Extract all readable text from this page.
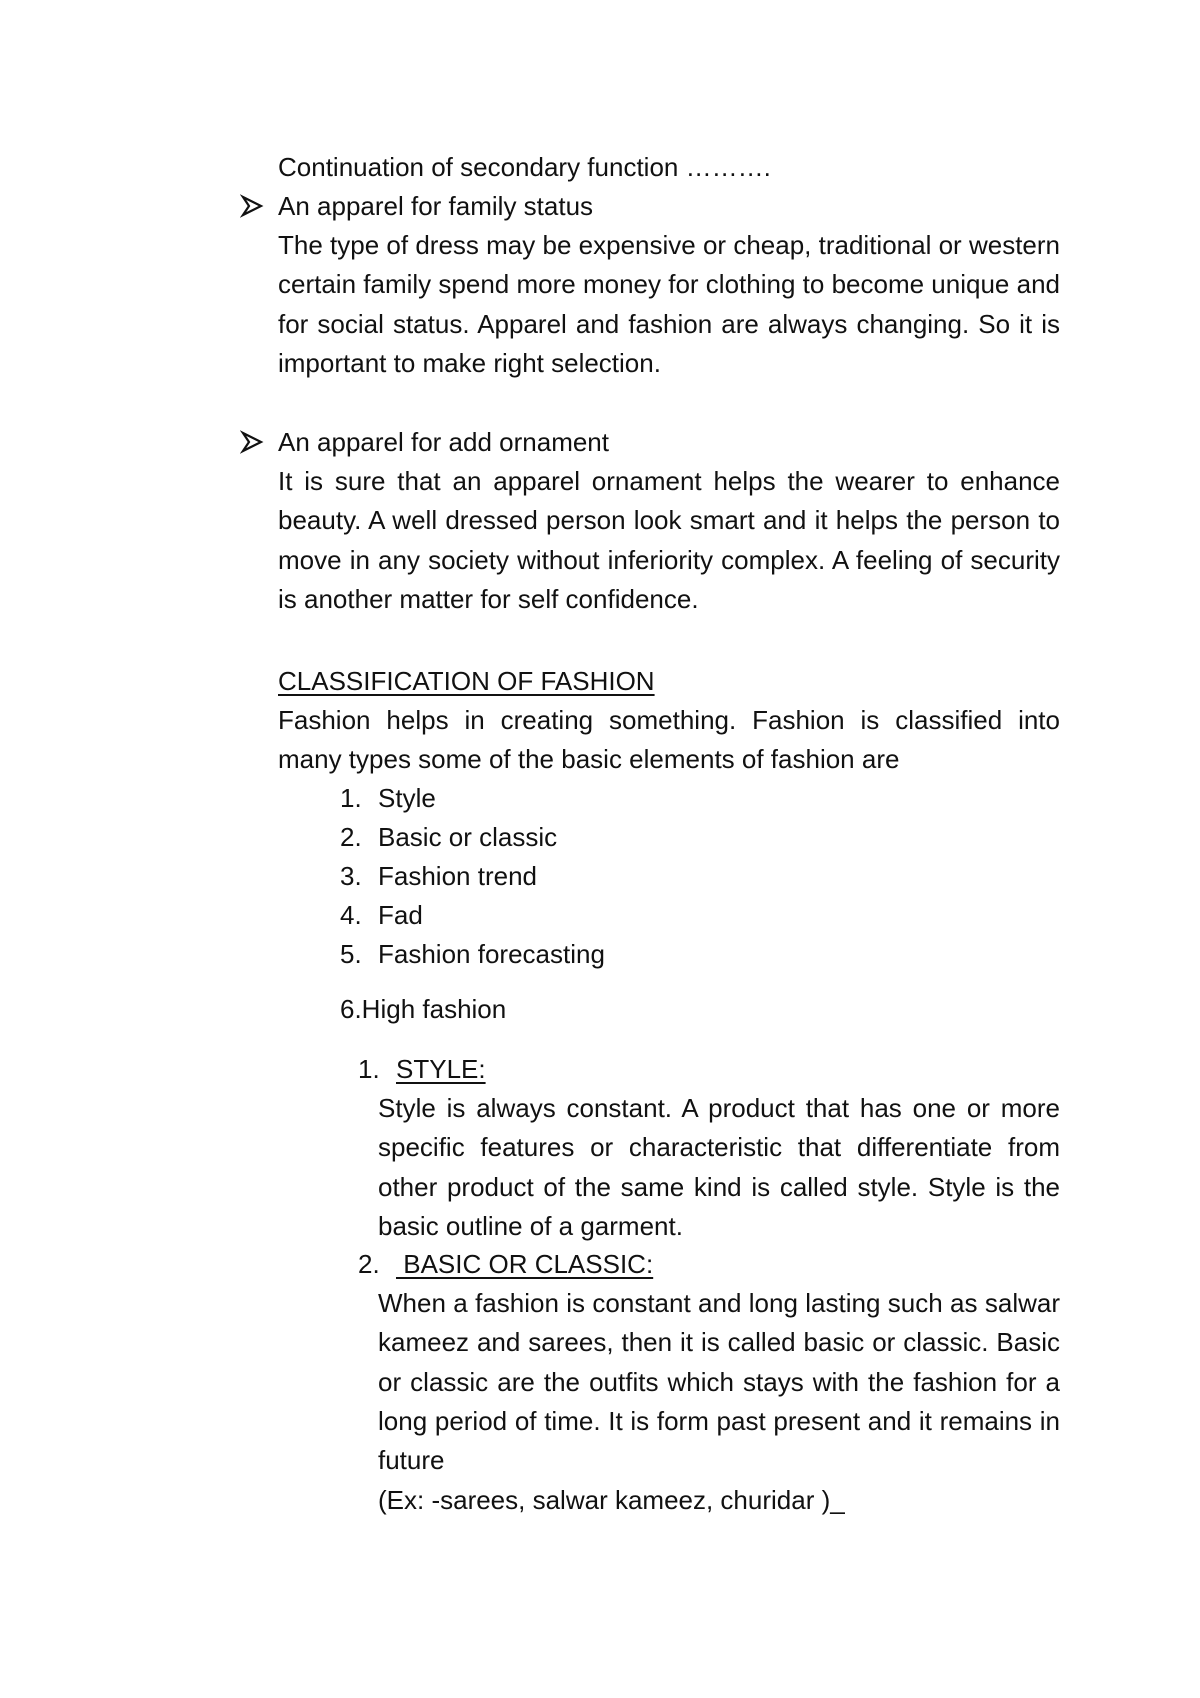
Continuation of secondary function ……….
An apparel for family status
The type of dress may be expensive or cheap, traditional or western certain family spend more money for clothing to become unique and for social status. Apparel and fashion are always changing. So it is important to make right selection.
An apparel for add ornament
It is sure that an apparel ornament helps the wearer to enhance beauty. A well dressed person look smart and it helps the person to move in any society without inferiority complex. A feeling of security is another matter for self confidence.
CLASSIFICATION OF FASHION
Fashion helps in creating something. Fashion is classified into many types some of the basic elements of fashion are
1. Style
2. Basic or classic
3. Fashion trend
4. Fad
5. Fashion forecasting
6.High fashion
1. STYLE:
Style is always constant. A product that has one or more specific features or characteristic that differentiate from other product of the same kind is called style. Style is the basic outline of a garment.
2. BASIC OR CLASSIC:
When a fashion is constant and long lasting such as salwar kameez and sarees, then it is called basic or classic. Basic or classic are the outfits which stays with the fashion for a long period of time. It is form past present and it remains in future
(Ex: -sarees, salwar kameez, churidar )_
